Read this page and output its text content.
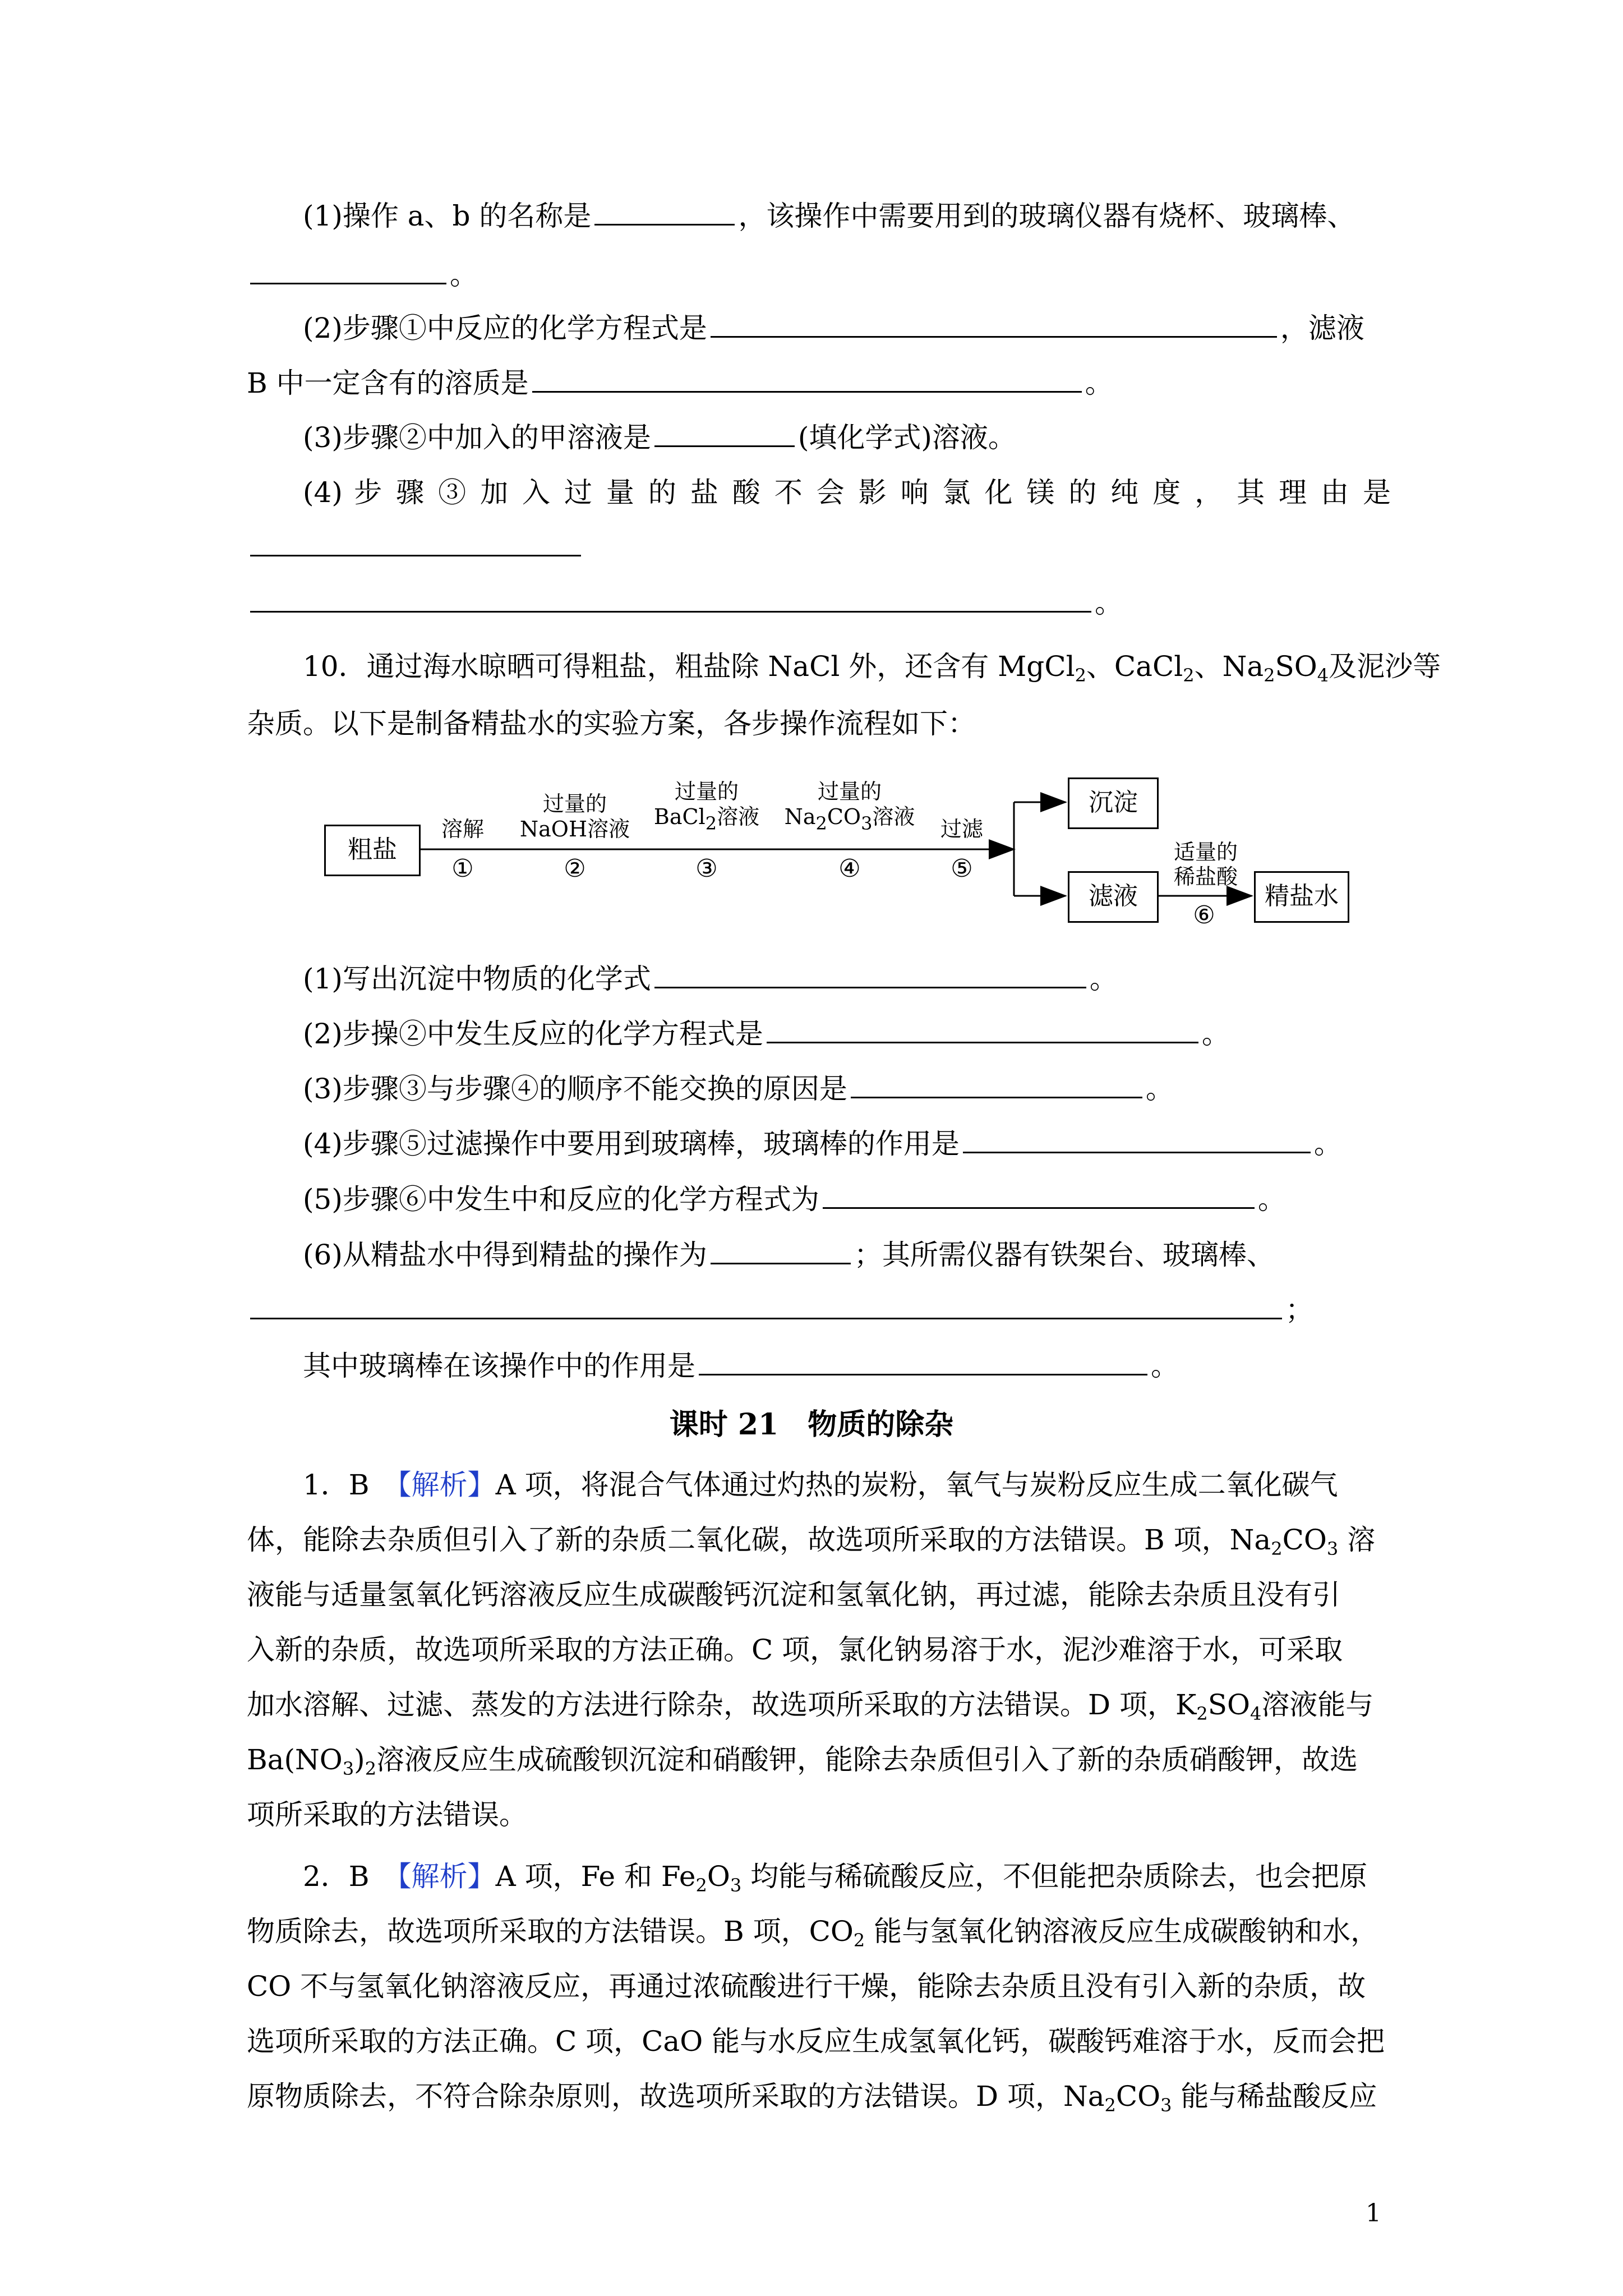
(1)操作 a、b 的名称是	，该操作中需要用到的玻璃仪器有烧杯、玻璃棒、
。
(2)步骤①中反应的化学方程式是	，滤液
B 中一定含有的溶质是	。
(3)步骤②中加入的甲溶液是	(填化学式)溶液。
(4) 步 骤 ③ 加 入 过 量 的 盐 酸 不 会 影 响 氯 化 镁 的 纯 度 ， 其 理 由 是
。
10．通过海水晾晒可得粗盐，粗盐除 NaCl 外，还含有 MgCl$_2$、CaCl$_2$、$Na_2SO_4$及泥沙等
杂质。以下是制备精盐水的实验方案，各步操作流程如下：
粗盐
沉淀
滤液	精盐水
溶解
①
过量的
NaOH溶液
②
过量的
BaCl$_2$溶液
③
过量的
$Na_2CO_3$溶液
④
过滤
⑤
适量的
稀盐酸
⑥
(1)写出沉淀中物质的化学式	。
(2)步操②中发生反应的化学方程式是	。
(3)步骤③与步骤④的顺序不能交换的原因是	。
(4)步骤⑤过滤操作中要用到玻璃棒，玻璃棒的作用是	。
(5)步骤⑥中发生中和反应的化学方程式为	。
(6)从精盐水中得到精盐的操作为	；其所需仪器有铁架台、玻璃棒、
；
其中玻璃棒在该操作中的作用是	。
课时 21　物质的除杂
1．B　【解析】A 项，将混合气体通过灼热的炭粉，氧气与炭粉反应生成二氧化碳气
体，能除去杂质但引入了新的杂质二氧化碳，故选项所采取的方法错误。B 项，$Na_2CO_3$ 溶
液能与适量氢氧化钙溶液反应生成碳酸钙沉淀和氢氧化钠，再过滤，能除去杂质且没有引
入新的杂质，故选项所采取的方法正确。C 项，氯化钠易溶于水，泥沙难溶于水，可采取
加水溶解、过滤、蒸发的方法进行除杂，故选项所采取的方法错误。D 项，$K_2SO_4$溶液能与
$Ba(NO_3)_2$溶液反应生成硫酸钡沉淀和硝酸钾，能除去杂质但引入了新的杂质硝酸钾，故选
项所采取的方法错误。
2．B　【解析】A 项，Fe 和 $Fe_2O_3$ 均能与稀硫酸反应，不但能把杂质除去，也会把原
物质除去，故选项所采取的方法错误。B 项，$CO_2$ 能与氢氧化钠溶液反应生成碳酸钠和水，
CO 不与氢氧化钠溶液反应，再通过浓硫酸进行干燥，能除去杂质且没有引入新的杂质，故
选项所采取的方法正确。C 项，CaO 能与水反应生成氢氧化钙，碳酸钙难溶于水，反而会把
原物质除去，不符合除杂原则，故选项所采取的方法错误。D 项，$Na_2CO_3$ 能与稀盐酸反应
1
